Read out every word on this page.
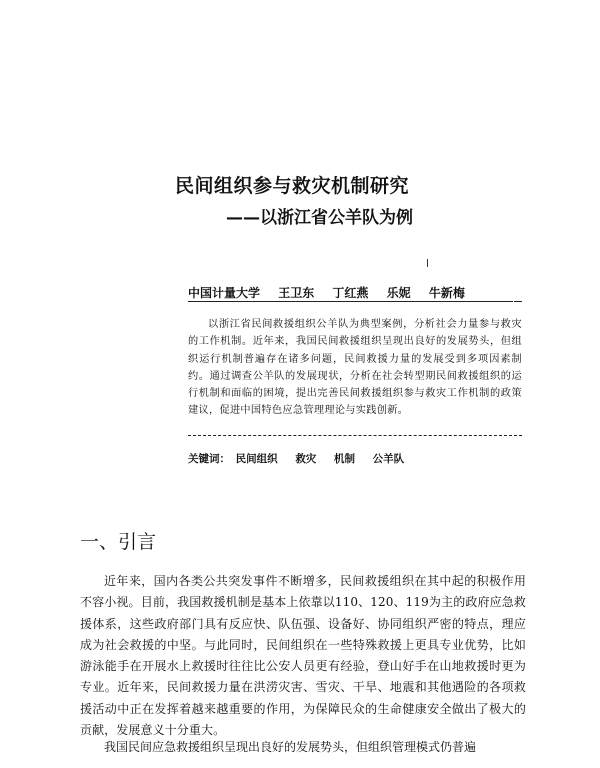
民间组织参与救灾机制研究
——以浙江省公羊队为例
中国计量大学 王卫东 丁红燕 乐妮 牛新梅
以浙江省民间救援组织公羊队为典型案例，分析社会力量参与救灾的工作机制。近年来，我国民间救援组织呈现出良好的发展势头，但组织运行机制普遍存在诸多问题，民间救援力量的发展受到多项因素制约。通过调查公羊队的发展现状，分析在社会转型期民间救援组织的运行机制和面临的困境，提出完善民间救援组织参与救灾工作机制的政策建议，促进中国特色应急管理理论与实践创新。
关键词： 民间组织 救灾 机制 公羊队
一、引言
近年来，国内各类公共突发事件不断增多，民间救援组织在其中起的积极作用不容小视。目前，我国救援机制是基本上依靠以110、120、119为主的政府应急救援体系，这些政府部门具有反应快、队伍强、设备好、协同组织严密的特点，理应成为社会救援的中坚。与此同时，民间组织在一些特殊救援上更具专业优势，比如游泳能手在开展水上救援时往往比公安人员更有经验，登山好手在山地救援时更为专业。近年来，民间救援力量在洪涝灾害、雪灾、干旱、地震和其他遇险的各项救援活动中正在发挥着越来越重要的作用，为保障民众的生命健康安全做出了极大的贡献，发展意义十分重大。
我国民间应急救援组织呈现出良好的发展势头，但组织管理模式仍普遍
